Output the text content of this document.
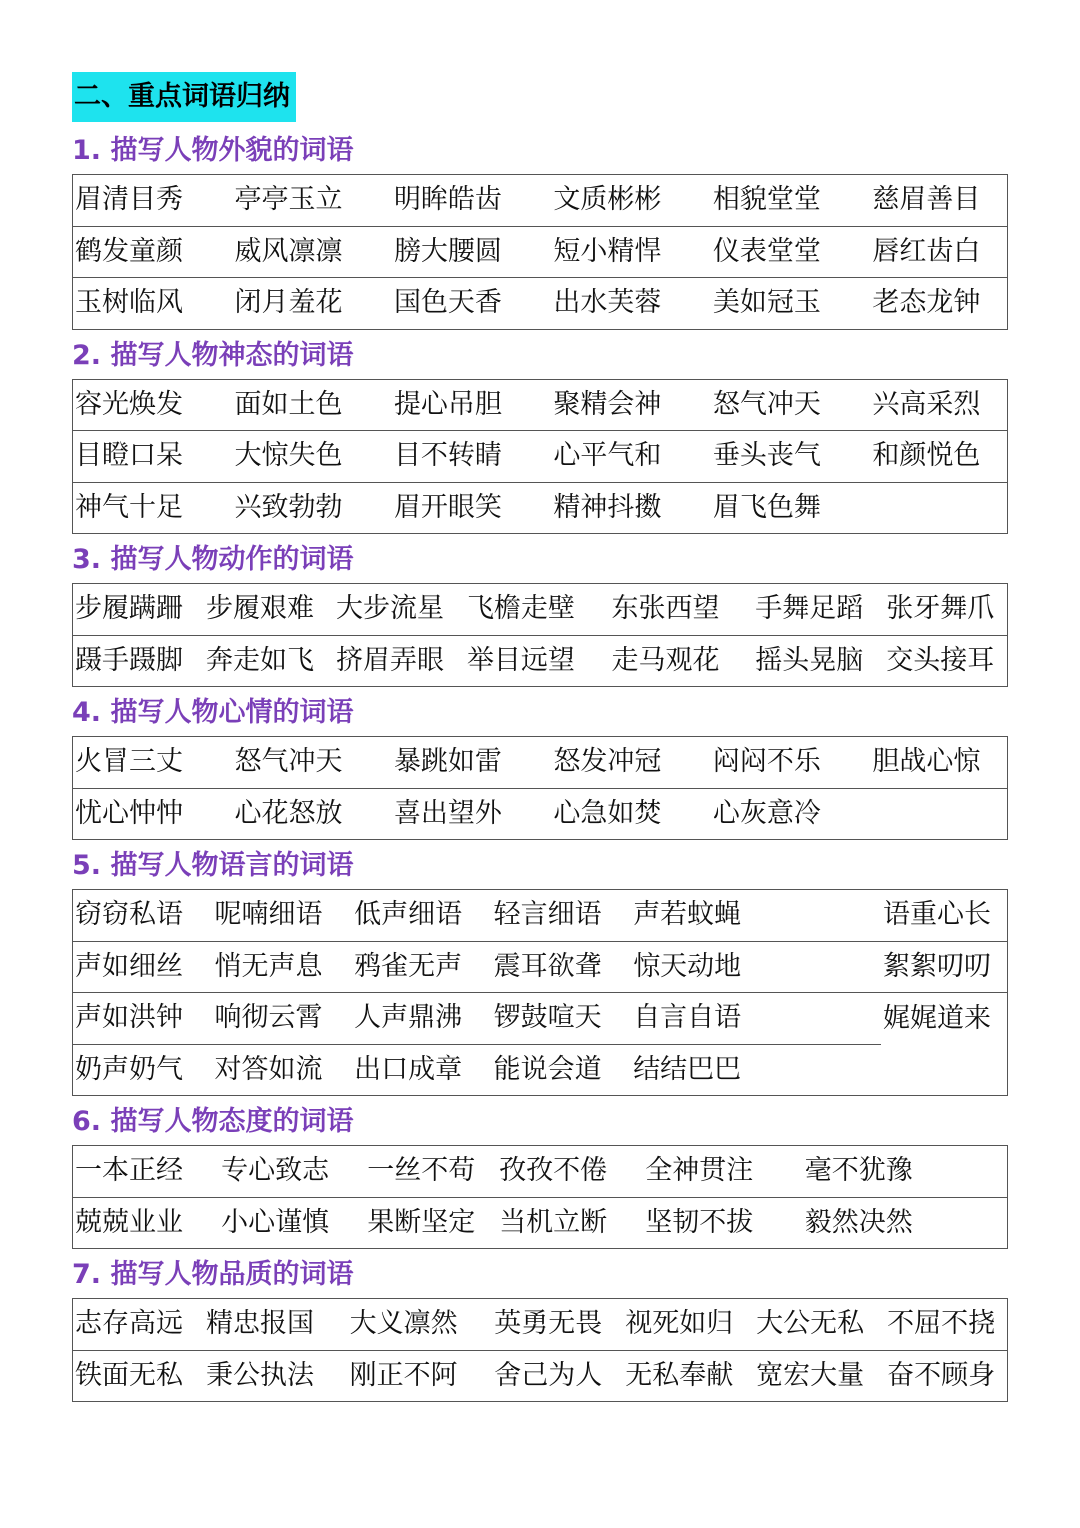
二、重点词语归纳
1. 描写人物外貌的词语
眉清目秀	亭亭玉立	明眸皓齿	文质彬彬	相貌堂堂	慈眉善目
鹤发童颜	威风凛凛	膀大腰圆	短小精悍	仪表堂堂	唇红齿白
玉树临风	闭月羞花	国色天香	出水芙蓉	美如冠玉	老态龙钟
2. 描写人物神态的词语
容光焕发	面如土色	提心吊胆	聚精会神	怒气冲天	兴高采烈
目瞪口呆	大惊失色	目不转睛	心平气和	垂头丧气	和颜悦色
神气十足	兴致勃勃	眉开眼笑	精神抖擞	眉飞色舞	
3. 描写人物动作的词语
步履蹒跚	步履艰难	大步流星	飞檐走壁	东张西望	手舞足蹈	张牙舞爪
蹑手蹑脚	奔走如飞	挤眉弄眼	举目远望	走马观花	摇头晃脑	交头接耳
4. 描写人物心情的词语
火冒三丈	怒气冲天	暴跳如雷	怒发冲冠	闷闷不乐	胆战心惊
忧心忡忡	心花怒放	喜出望外	心急如焚	心灰意冷	
5. 描写人物语言的词语
窃窃私语	呢喃细语	低声细语	轻言细语	声若蚊蝇	语重心长
声如细丝	悄无声息	鸦雀无声	震耳欲聋	惊天动地	絮絮叨叨
声如洪钟	响彻云霄	人声鼎沸	锣鼓喧天	自言自语	娓娓道来
奶声奶气	对答如流	出口成章	能说会道	结结巴巴	
6. 描写人物态度的词语
一本正经	专心致志	一丝不苟	孜孜不倦	全神贯注	毫不犹豫
兢兢业业	小心谨慎	果断坚定	当机立断	坚韧不拔	毅然决然
7. 描写人物品质的词语
志存高远	精忠报国	大义凛然	英勇无畏	视死如归	大公无私	不屈不挠
铁面无私	秉公执法	刚正不阿	舍己为人	无私奉献	宽宏大量	奋不顾身
